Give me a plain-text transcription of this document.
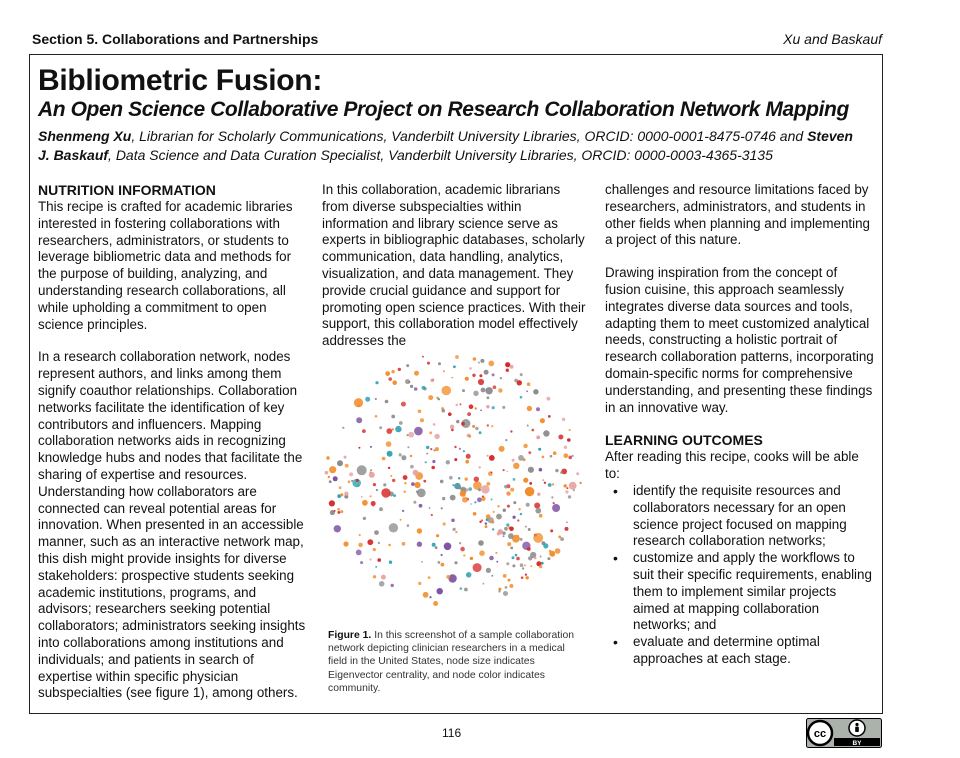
Section 5. Collaborations and Partnerships	Xu and Baskauf
Bibliometric Fusion:
An Open Science Collaborative Project on Research Collaboration Network Mapping
Shenmeng Xu, Librarian for Scholarly Communications, Vanderbilt University Libraries, ORCID: 0000-0001-8475-0746 and Steven J. Baskauf, Data Science and Data Curation Specialist, Vanderbilt University Libraries, ORCID: 0000-0003-4365-3135

NUTRITION INFORMATION

This recipe is crafted for academic libraries interested in fostering collaborations with researchers, administrators, or students to leverage bibliometric data and methods for the purpose of building, analyzing, and understanding research collaborations, all while upholding a commitment to open science principles.

In a research collaboration network, nodes represent authors, and links among them signify coauthor relationships. Collaboration networks facilitate the identification of key contributors and influencers. Mapping collaboration networks aids in recognizing knowledge hubs and nodes that facilitate the sharing of expertise and resources. Understanding how collaborators are connected can reveal potential areas for innovation. When presented in an accessible manner, such as an interactive network map, this dish might provide insights for diverse stakeholders: prospective students seeking academic institutions, programs, and advisors; researchers seeking potential collaborators; administrators seeking insights into collaborations among institutions and individuals; and patients in search of expertise within specific physician subspecialties (see figure 1), among others.

In this collaboration, academic librarians from diverse subspecialties within information and library science serve as experts in bibliographic databases, scholarly communication, data handling, analytics, visualization, and data management. They provide crucial guidance and support for promoting open science practices. With their support, this collaboration model effectively addresses the

Figure 1. In this screenshot of a sample collaboration network depicting clinician researchers in a medical field in the United States, node size indicates Eigenvector centrality, and node color indicates community.

challenges and resource limitations faced by researchers, administrators, and students in other fields when planning and implementing a project of this nature.

Drawing inspiration from the concept of fusion cuisine, this approach seamlessly integrates diverse data sources and tools, adapting them to meet customized analytical needs, constructing a holistic portrait of research collaboration patterns, incorporating domain-specific norms for comprehensive understanding, and presenting these findings in an innovative way.

LEARNING OUTCOMES

After reading this recipe, cooks will be able to:

• identify the requisite resources and collaborators necessary for an open science project focused on mapping research collaboration networks;
• customize and apply the workflows to suit their specific requirements, enabling them to implement similar projects aimed at mapping collaboration networks; and
• evaluate and determine optimal approaches at each stage.
116	cc
BY
